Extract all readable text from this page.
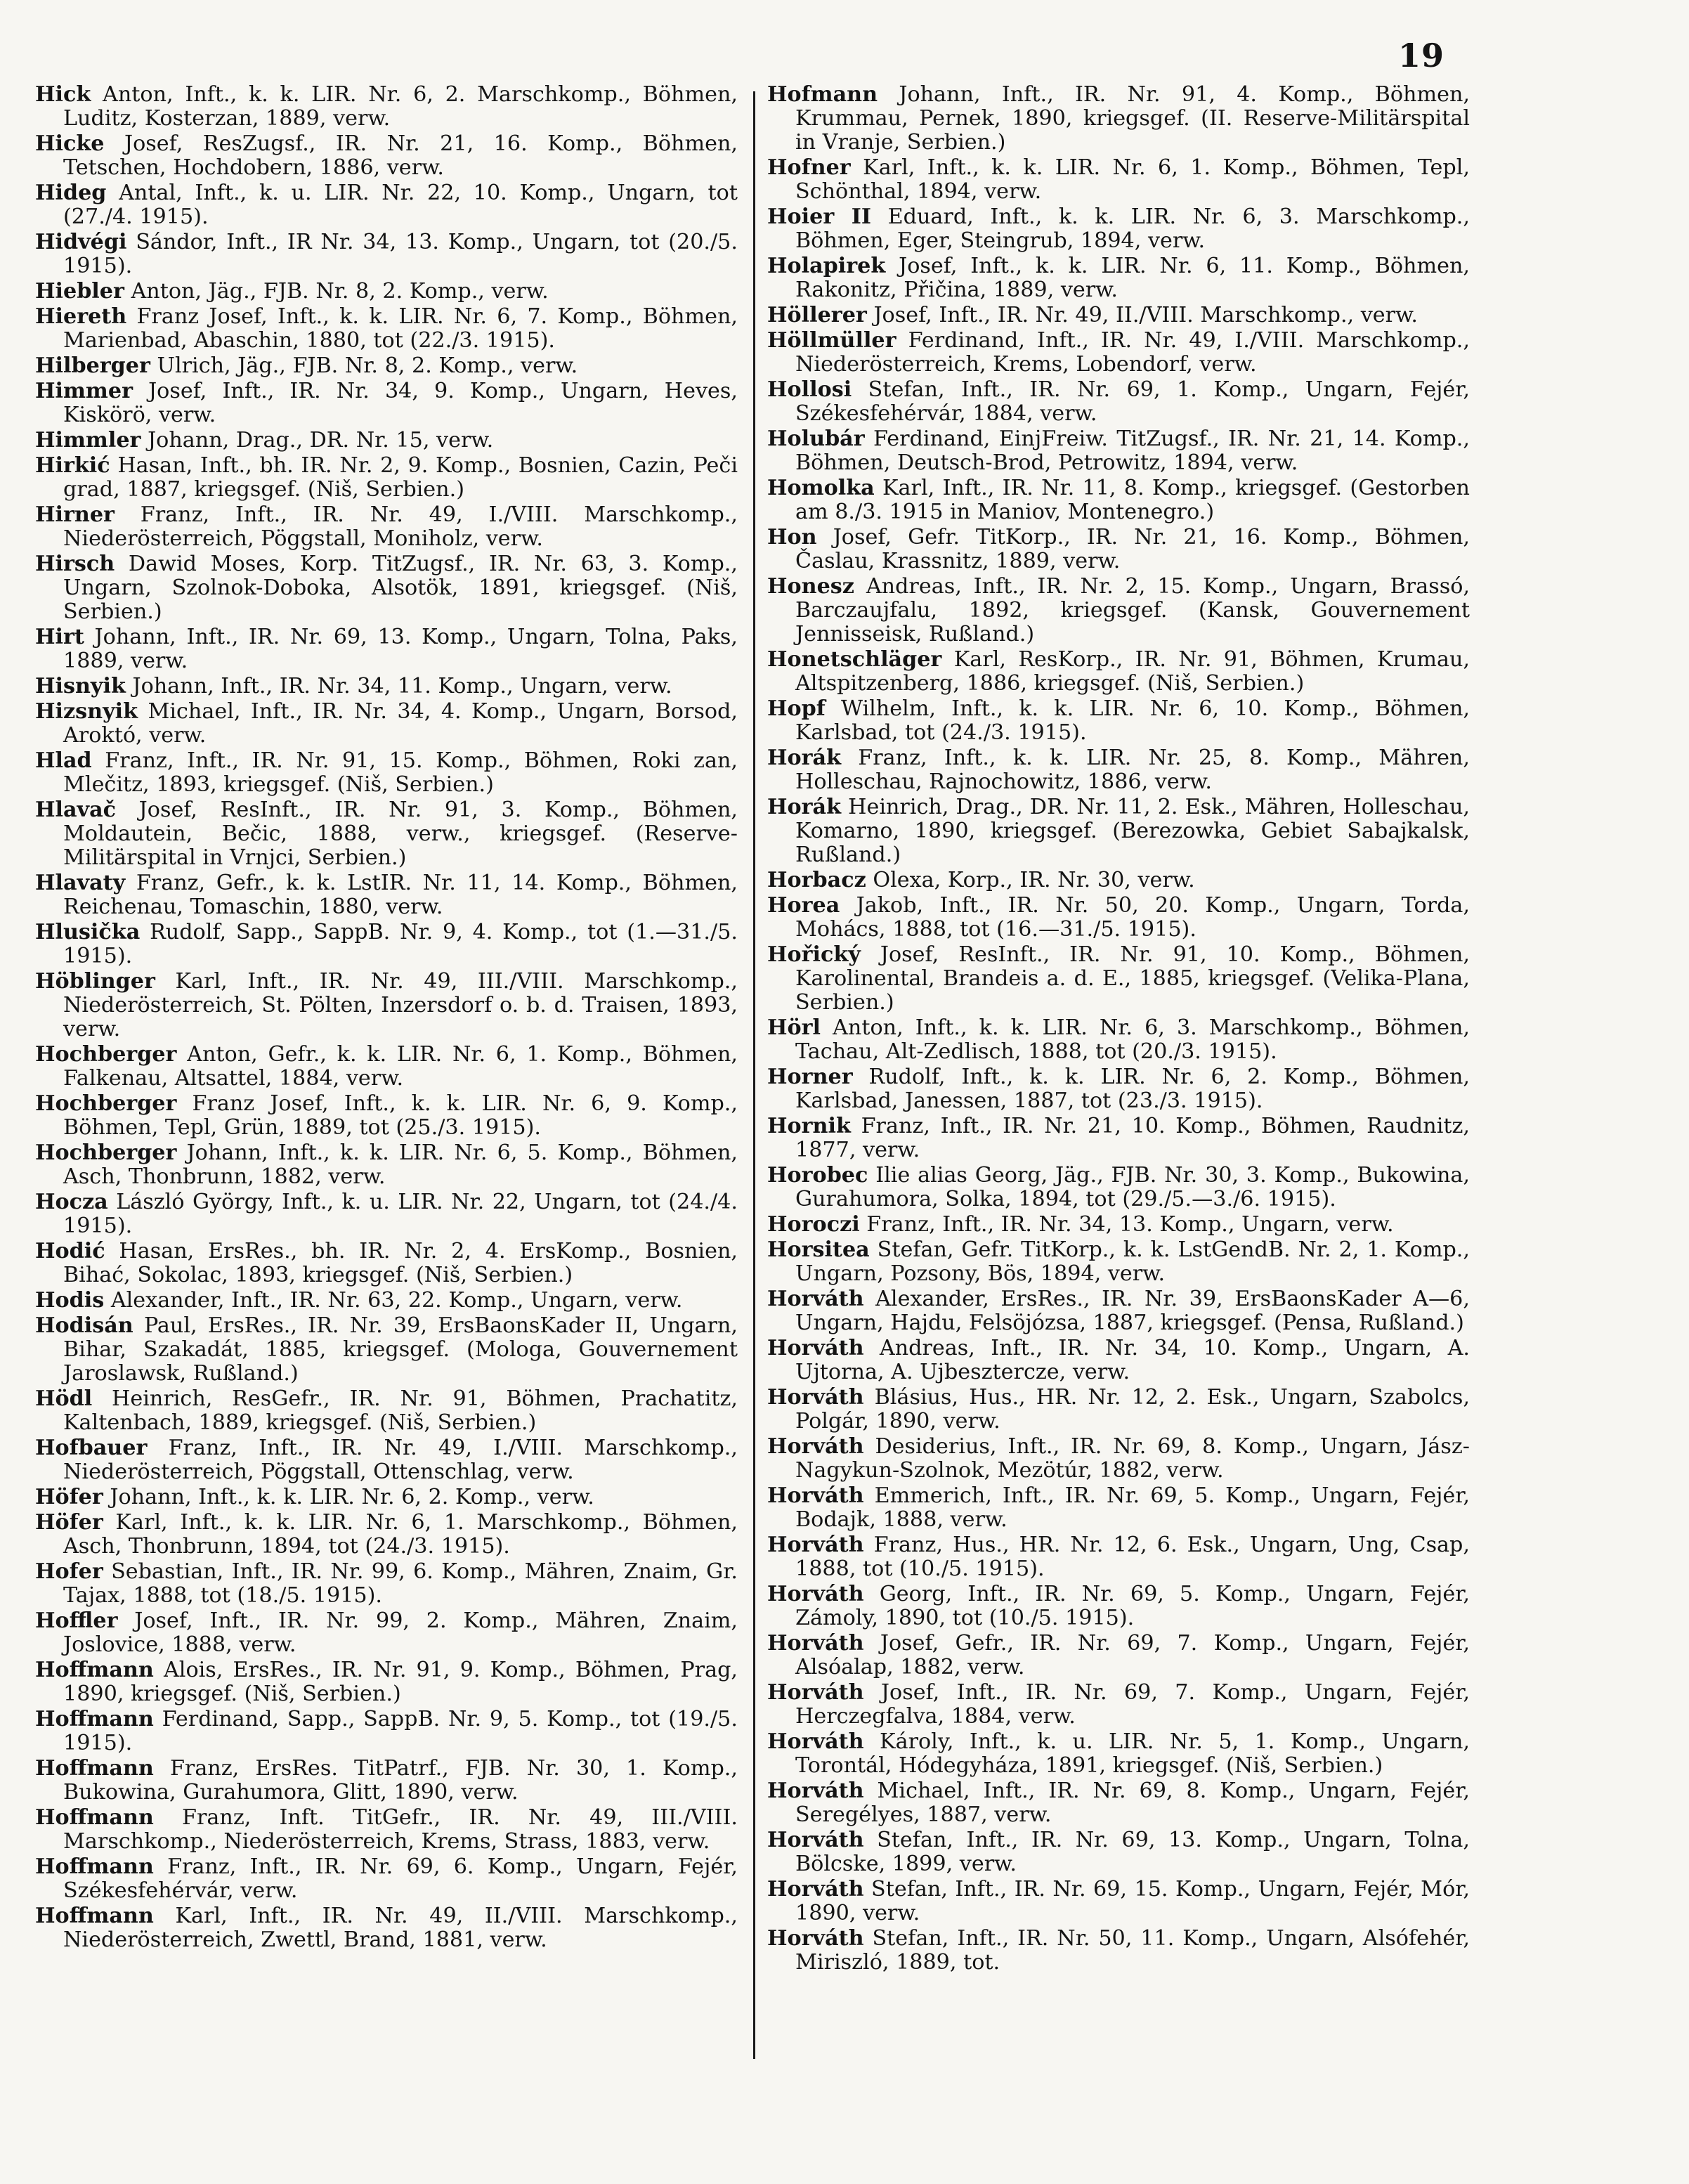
19

Hick Anton, Inft., k. k. LIR. Nr. 6, 2. Marschkomp., Böhmen, Luditz, Kosterzan, 1889, verw.

Hicke Josef, ResZugsf., IR. Nr. 21, 16. Komp., Böhmen, Tetschen, Hochdobern, 1886, verw.

Hideg Antal, Inft., k. u. LIR. Nr. 22, 10. Komp., Ungarn, tot (27./4. 1915).

Hidvégi Sándor, Inft., IR Nr. 34, 13. Komp., Ungarn, tot (20./5. 1915).

Hiebler Anton, Jäg., FJB. Nr. 8, 2. Komp., verw.

Hiereth Franz Josef, Inft., k. k. LIR. Nr. 6, 7. Komp., Böhmen, Marienbad, Abaschin, 1880, tot (22./3. 1915).

Hilberger Ulrich, Jäg., FJB. Nr. 8, 2. Komp., verw.

Himmer Josef, Inft., IR. Nr. 34, 9. Komp., Ungarn, Heves, Kiskörö, verw.

Himmler Johann, Drag., DR. Nr. 15, verw.

Hirkić Hasan, Inft., bh. IR. Nr. 2, 9. Komp., Bosnien, Cazin, Peči grad, 1887, kriegsgef. (Niš, Serbien.)

Hirner Franz, Inft., IR. Nr. 49, I./VIII. Marschkomp., Niederösterreich, Pöggstall, Moniholz, verw.

Hirsch Dawid Moses, Korp. TitZugsf., IR. Nr. 63, 3. Komp., Ungarn, Szolnok-Doboka, Alsotök, 1891, kriegsgef. (Niš, Serbien.)

Hirt Johann, Inft., IR. Nr. 69, 13. Komp., Ungarn, Tolna, Paks, 1889, verw.

Hisnyik Johann, Inft., IR. Nr. 34, 11. Komp., Ungarn, verw.

Hizsnyik Michael, Inft., IR. Nr. 34, 4. Komp., Ungarn, Borsod, Aroktó, verw.

Hlad Franz, Inft., IR. Nr. 91, 15. Komp., Böhmen, Roki zan, Mlečitz, 1893, kriegsgef. (Niš, Serbien.)

Hlavač Josef, ResInft., IR. Nr. 91, 3. Komp., Böhmen, Moldautein, Bečic, 1888, verw., kriegsgef. (Reserve-Militärspital in Vrnjci, Serbien.)

Hlavaty Franz, Gefr., k. k. LstIR. Nr. 11, 14. Komp., Böhmen, Reichenau, Tomaschin, 1880, verw.

Hlusička Rudolf, Sapp., SappB. Nr. 9, 4. Komp., tot (1.—31./5. 1915).

Höblinger Karl, Inft., IR. Nr. 49, III./VIII. Marschkomp., Niederösterreich, St. Pölten, Inzersdorf o. b. d. Traisen, 1893, verw.

Hochberger Anton, Gefr., k. k. LIR. Nr. 6, 1. Komp., Böhmen, Falkenau, Altsattel, 1884, verw.

Hochberger Franz Josef, Inft., k. k. LIR. Nr. 6, 9. Komp., Böhmen, Tepl, Grün, 1889, tot (25./3. 1915).

Hochberger Johann, Inft., k. k. LIR. Nr. 6, 5. Komp., Böhmen, Asch, Thonbrunn, 1882, verw.

Hocza László György, Inft., k. u. LIR. Nr. 22, Ungarn, tot (24./4. 1915).

Hodić Hasan, ErsRes., bh. IR. Nr. 2, 4. ErsKomp., Bosnien, Bihać, Sokolac, 1893, kriegsgef. (Niš, Serbien.)

Hodis Alexander, Inft., IR. Nr. 63, 22. Komp., Ungarn, verw.

Hodisán Paul, ErsRes., IR. Nr. 39, ErsBaonsKader II, Ungarn, Bihar, Szakadát, 1885, kriegsgef. (Mologa, Gouvernement Jaroslawsk, Rußland.)

Hödl Heinrich, ResGefr., IR. Nr. 91, Böhmen, Prachatitz, Kaltenbach, 1889, kriegsgef. (Niš, Serbien.)

Hofbauer Franz, Inft., IR. Nr. 49, I./VIII. Marschkomp., Niederösterreich, Pöggstall, Ottenschlag, verw.

Höfer Johann, Inft., k. k. LIR. Nr. 6, 2. Komp., verw.

Höfer Karl, Inft., k. k. LIR. Nr. 6, 1. Marschkomp., Böhmen, Asch, Thonbrunn, 1894, tot (24./3. 1915).

Hofer Sebastian, Inft., IR. Nr. 99, 6. Komp., Mähren, Znaim, Gr. Tajax, 1888, tot (18./5. 1915).

Hoffler Josef, Inft., IR. Nr. 99, 2. Komp., Mähren, Znaim, Joslovice, 1888, verw.

Hoffmann Alois, ErsRes., IR. Nr. 91, 9. Komp., Böhmen, Prag, 1890, kriegsgef. (Niš, Serbien.)

Hoffmann Ferdinand, Sapp., SappB. Nr. 9, 5. Komp., tot (19./5. 1915).

Hoffmann Franz, ErsRes. TitPatrf., FJB. Nr. 30, 1. Komp., Bukowina, Gurahumora, Glitt, 1890, verw.

Hoffmann Franz, Inft. TitGefr., IR. Nr. 49, III./VIII. Marschkomp., Niederösterreich, Krems, Strass, 1883, verw.

Hoffmann Franz, Inft., IR. Nr. 69, 6. Komp., Ungarn, Fejér, Székesfehérvár, verw.

Hoffmann Karl, Inft., IR. Nr. 49, II./VIII. Marschkomp., Niederösterreich, Zwettl, Brand, 1881, verw.

Hofmann Johann, Inft., IR. Nr. 91, 4. Komp., Böhmen, Krummau, Pernek, 1890, kriegsgef. (II. Reserve-Militärspital in Vranje, Serbien.)

Hofner Karl, Inft., k. k. LIR. Nr. 6, 1. Komp., Böhmen, Tepl, Schönthal, 1894, verw.

Hoier II Eduard, Inft., k. k. LIR. Nr. 6, 3. Marschkomp., Böhmen, Eger, Steingrub, 1894, verw.

Holapirek Josef, Inft., k. k. LIR. Nr. 6, 11. Komp., Böhmen, Rakonitz, Přičina, 1889, verw.

Höllerer Josef, Inft., IR. Nr. 49, II./VIII. Marschkomp., verw.

Höllmüller Ferdinand, Inft., IR. Nr. 49, I./VIII. Marschkomp., Niederösterreich, Krems, Lobendorf, verw.

Hollosi Stefan, Inft., IR. Nr. 69, 1. Komp., Ungarn, Fejér, Székesfehérvár, 1884, verw.

Holubár Ferdinand, EinjFreiw. TitZugsf., IR. Nr. 21, 14. Komp., Böhmen, Deutsch-Brod, Petrowitz, 1894, verw.

Homolka Karl, Inft., IR. Nr. 11, 8. Komp., kriegsgef. (Gestorben am 8./3. 1915 in Maniov, Montenegro.)

Hon Josef, Gefr. TitKorp., IR. Nr. 21, 16. Komp., Böhmen, Časlau, Krassnitz, 1889, verw.

Honesz Andreas, Inft., IR. Nr. 2, 15. Komp., Ungarn, Brassó, Barczaujfalu, 1892, kriegsgef. (Kansk, Gouvernement Jennisseisk, Rußland.)

Honetschläger Karl, ResKorp., IR. Nr. 91, Böhmen, Krumau, Altspitzenberg, 1886, kriegsgef. (Niš, Serbien.)

Hopf Wilhelm, Inft., k. k. LIR. Nr. 6, 10. Komp., Böhmen, Karlsbad, tot (24./3. 1915).

Horák Franz, Inft., k. k. LIR. Nr. 25, 8. Komp., Mähren, Holleschau, Rajnochowitz, 1886, verw.

Horák Heinrich, Drag., DR. Nr. 11, 2. Esk., Mähren, Holleschau, Komarno, 1890, kriegsgef. (Berezowka, Gebiet Sabajkalsk, Rußland.)

Horbacz Olexa, Korp., IR. Nr. 30, verw.

Horea Jakob, Inft., IR. Nr. 50, 20. Komp., Ungarn, Torda, Mohács, 1888, tot (16.—31./5. 1915).

Hořický Josef, ResInft., IR. Nr. 91, 10. Komp., Böhmen, Karolinental, Brandeis a. d. E., 1885, kriegsgef. (Velika-Plana, Serbien.)

Hörl Anton, Inft., k. k. LIR. Nr. 6, 3. Marschkomp., Böhmen, Tachau, Alt-Zedlisch, 1888, tot (20./3. 1915).

Horner Rudolf, Inft., k. k. LIR. Nr. 6, 2. Komp., Böhmen, Karlsbad, Janessen, 1887, tot (23./3. 1915).

Hornik Franz, Inft., IR. Nr. 21, 10. Komp., Böhmen, Raudnitz, 1877, verw.

Horobec Ilie alias Georg, Jäg., FJB. Nr. 30, 3. Komp., Bukowina, Gurahumora, Solka, 1894, tot (29./5.—3./6. 1915).

Horoczi Franz, Inft., IR. Nr. 34, 13. Komp., Ungarn, verw.

Horsitea Stefan, Gefr. TitKorp., k. k. LstGendB. Nr. 2, 1. Komp., Ungarn, Pozsony, Bös, 1894, verw.

Horváth Alexander, ErsRes., IR. Nr. 39, ErsBaonsKader A—6, Ungarn, Hajdu, Felsöjózsa, 1887, kriegsgef. (Pensa, Rußland.)

Horváth Andreas, Inft., IR. Nr. 34, 10. Komp., Ungarn, A. Ujtorna, A. Ujbesztercze, verw.

Horváth Blásius, Hus., HR. Nr. 12, 2. Esk., Ungarn, Szabolcs, Polgár, 1890, verw.

Horváth Desiderius, Inft., IR. Nr. 69, 8. Komp., Ungarn, Jász-Nagykun-Szolnok, Mezötúr, 1882, verw.

Horváth Emmerich, Inft., IR. Nr. 69, 5. Komp., Ungarn, Fejér, Bodajk, 1888, verw.

Horváth Franz, Hus., HR. Nr. 12, 6. Esk., Ungarn, Ung, Csap, 1888, tot (10./5. 1915).

Horváth Georg, Inft., IR. Nr. 69, 5. Komp., Ungarn, Fejér, Zámoly, 1890, tot (10./5. 1915).

Horváth Josef, Gefr., IR. Nr. 69, 7. Komp., Ungarn, Fejér, Alsóalap, 1882, verw.

Horváth Josef, Inft., IR. Nr. 69, 7. Komp., Ungarn, Fejér, Herczegfalva, 1884, verw.

Horváth Károly, Inft., k. u. LIR. Nr. 5, 1. Komp., Ungarn, Torontál, Hódegyháza, 1891, kriegsgef. (Niš, Serbien.)

Horváth Michael, Inft., IR. Nr. 69, 8. Komp., Ungarn, Fejér, Seregélyes, 1887, verw.

Horváth Stefan, Inft., IR. Nr. 69, 13. Komp., Ungarn, Tolna, Bölcske, 1899, verw.

Horváth Stefan, Inft., IR. Nr. 69, 15. Komp., Ungarn, Fejér, Mór, 1890, verw.

Horváth Stefan, Inft., IR. Nr. 50, 11. Komp., Ungarn, Alsófehér, Miriszló, 1889, tot.
